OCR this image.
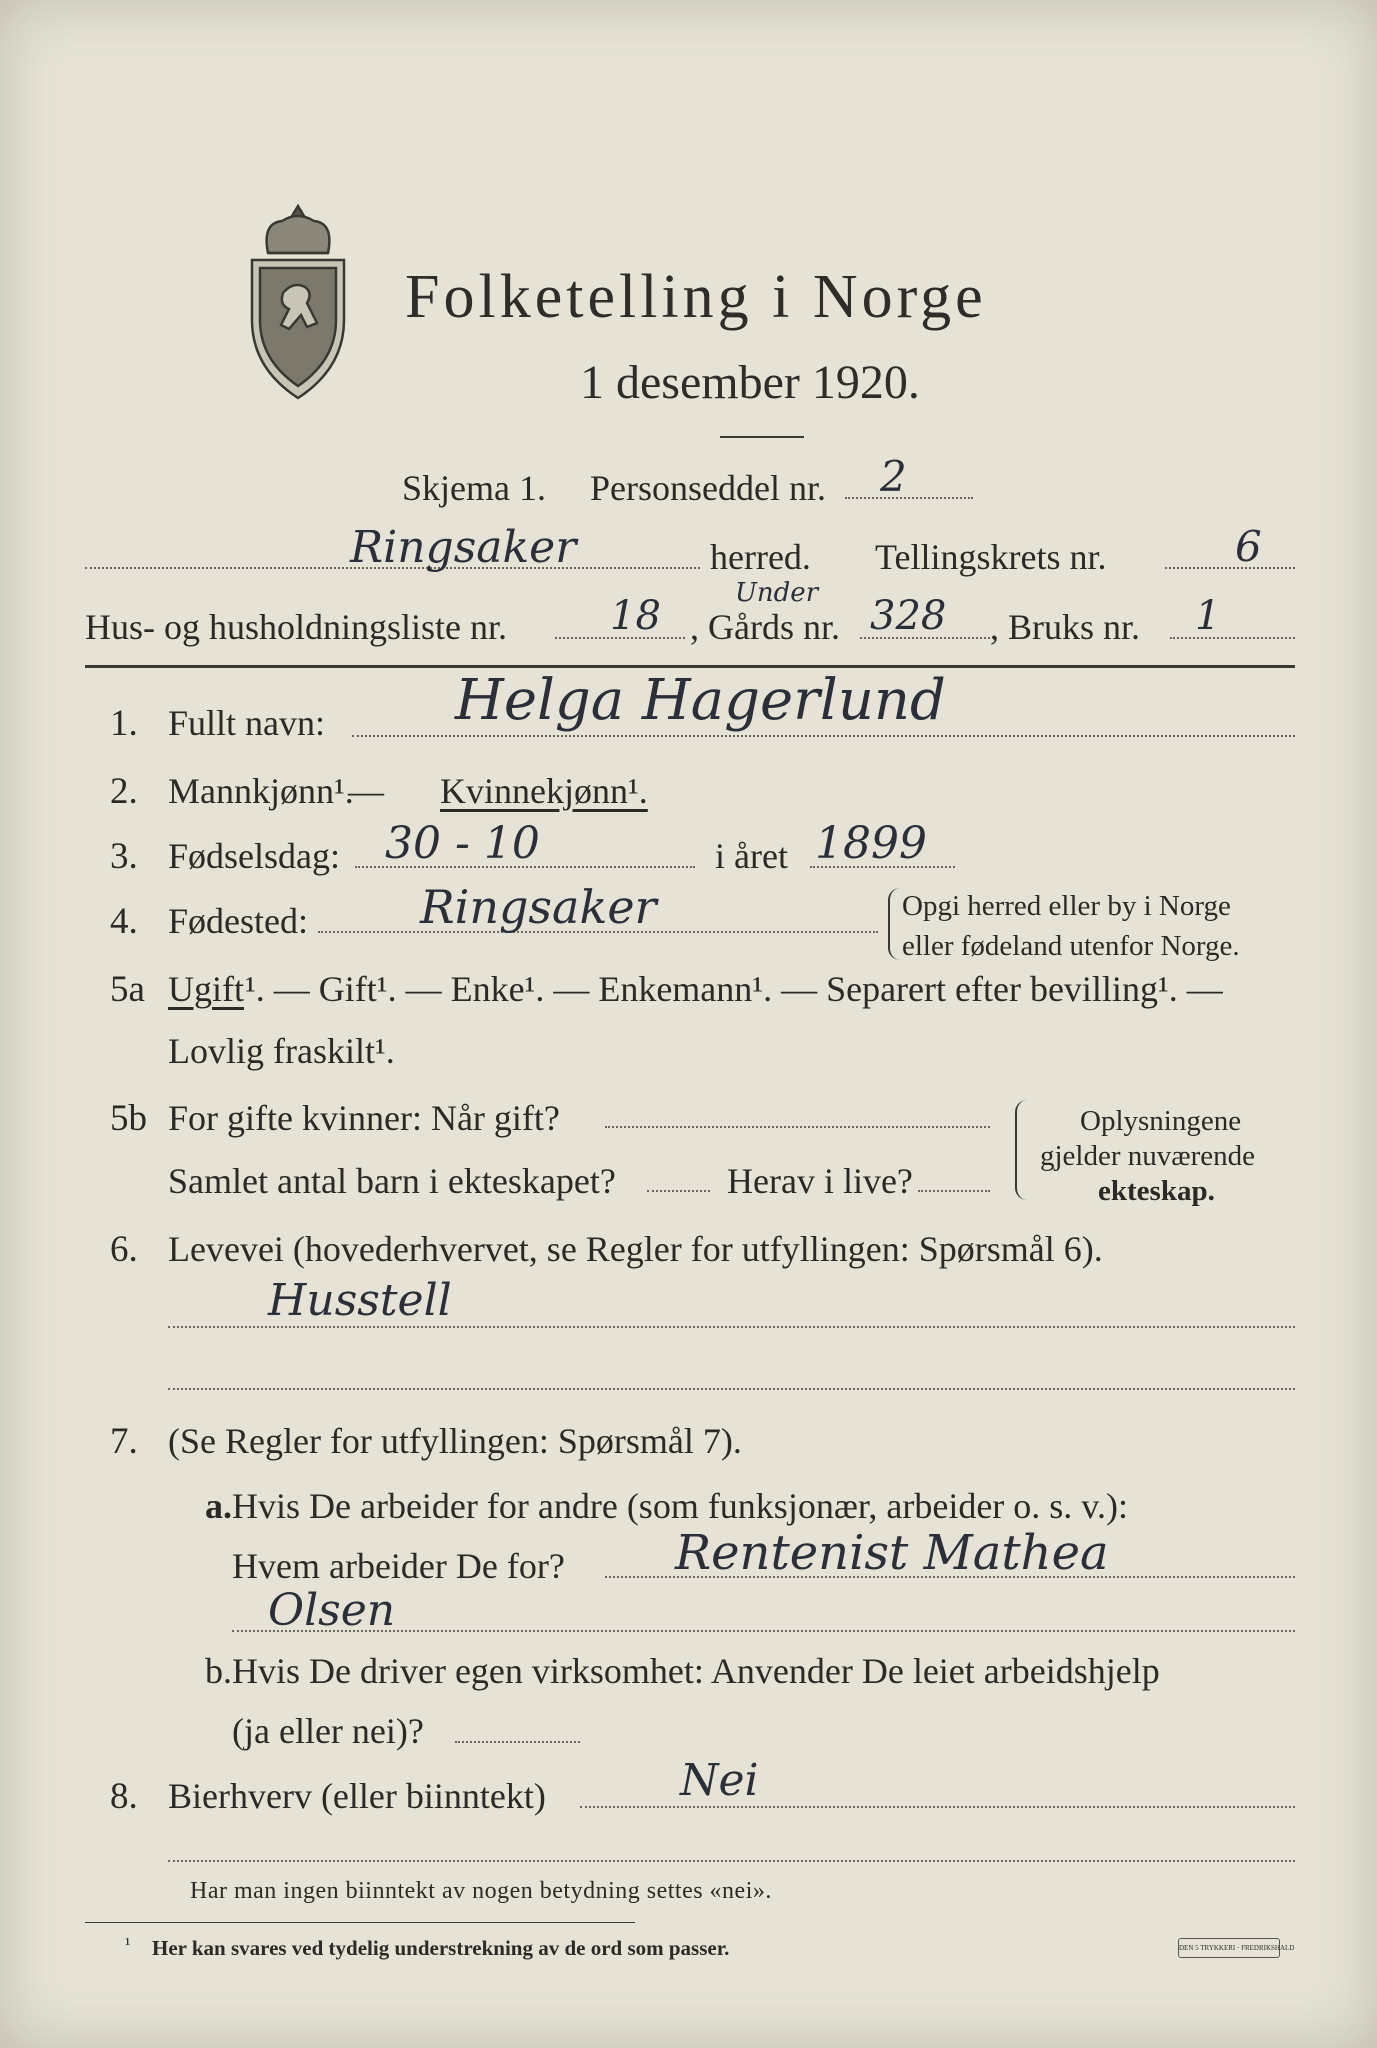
Folketelling i Norge
1 desember 1920.
Skjema 1. Personseddel nr. 2
Ringsaker	herred. Tellingskrets nr.	6
Hus- og husholdningsliste nr.	18	Under
, Gårds nr. 328 , Bruks nr. 1
1. Fullt navn: Helga Hagerlund
2. Mannkjønn¹.
— Kvinnekjønn¹.
3. Fødselsdag: 30 - 10	i året 1899
4. Fødested: Ringsaker	Opgi herred eller by i Norge
eller fødeland utenfor Norge.
5a Ugift ¹. — Gift¹. — Enke¹. — Enkemann¹. — Separert efter bevilling¹. —
Lovlig fraskilt¹.
5b For gifte kvinner: Når gift?
Samlet antal barn i ekteskapet?	Herav i live?
Oplysningene
gjelder nuværende
ekteskap.
6. Levevei (hovederhvervet, se Regler for utfyllingen: Spørsmål 6).
Husstell
7. (Se Regler for utfyllingen: Spørsmål 7).
a. Hvis De arbeider for andre (som funksjonær, arbeider o. s. v.):
Hvem arbeider De for? Rentenist Mathea
Olsen
b. Hvis De driver egen virksomhet: Anvender De leiet arbeidshjelp
(ja eller nei)?
8. Bierhverv (eller biinntekt)	Nei
Har man ingen biinntekt av nogen betydning settes «nei».
¹ Her kan svares ved tydelig understrekning av de ord som passer.	DEN 5 TRYKKERI · FREDRIKSHALD
